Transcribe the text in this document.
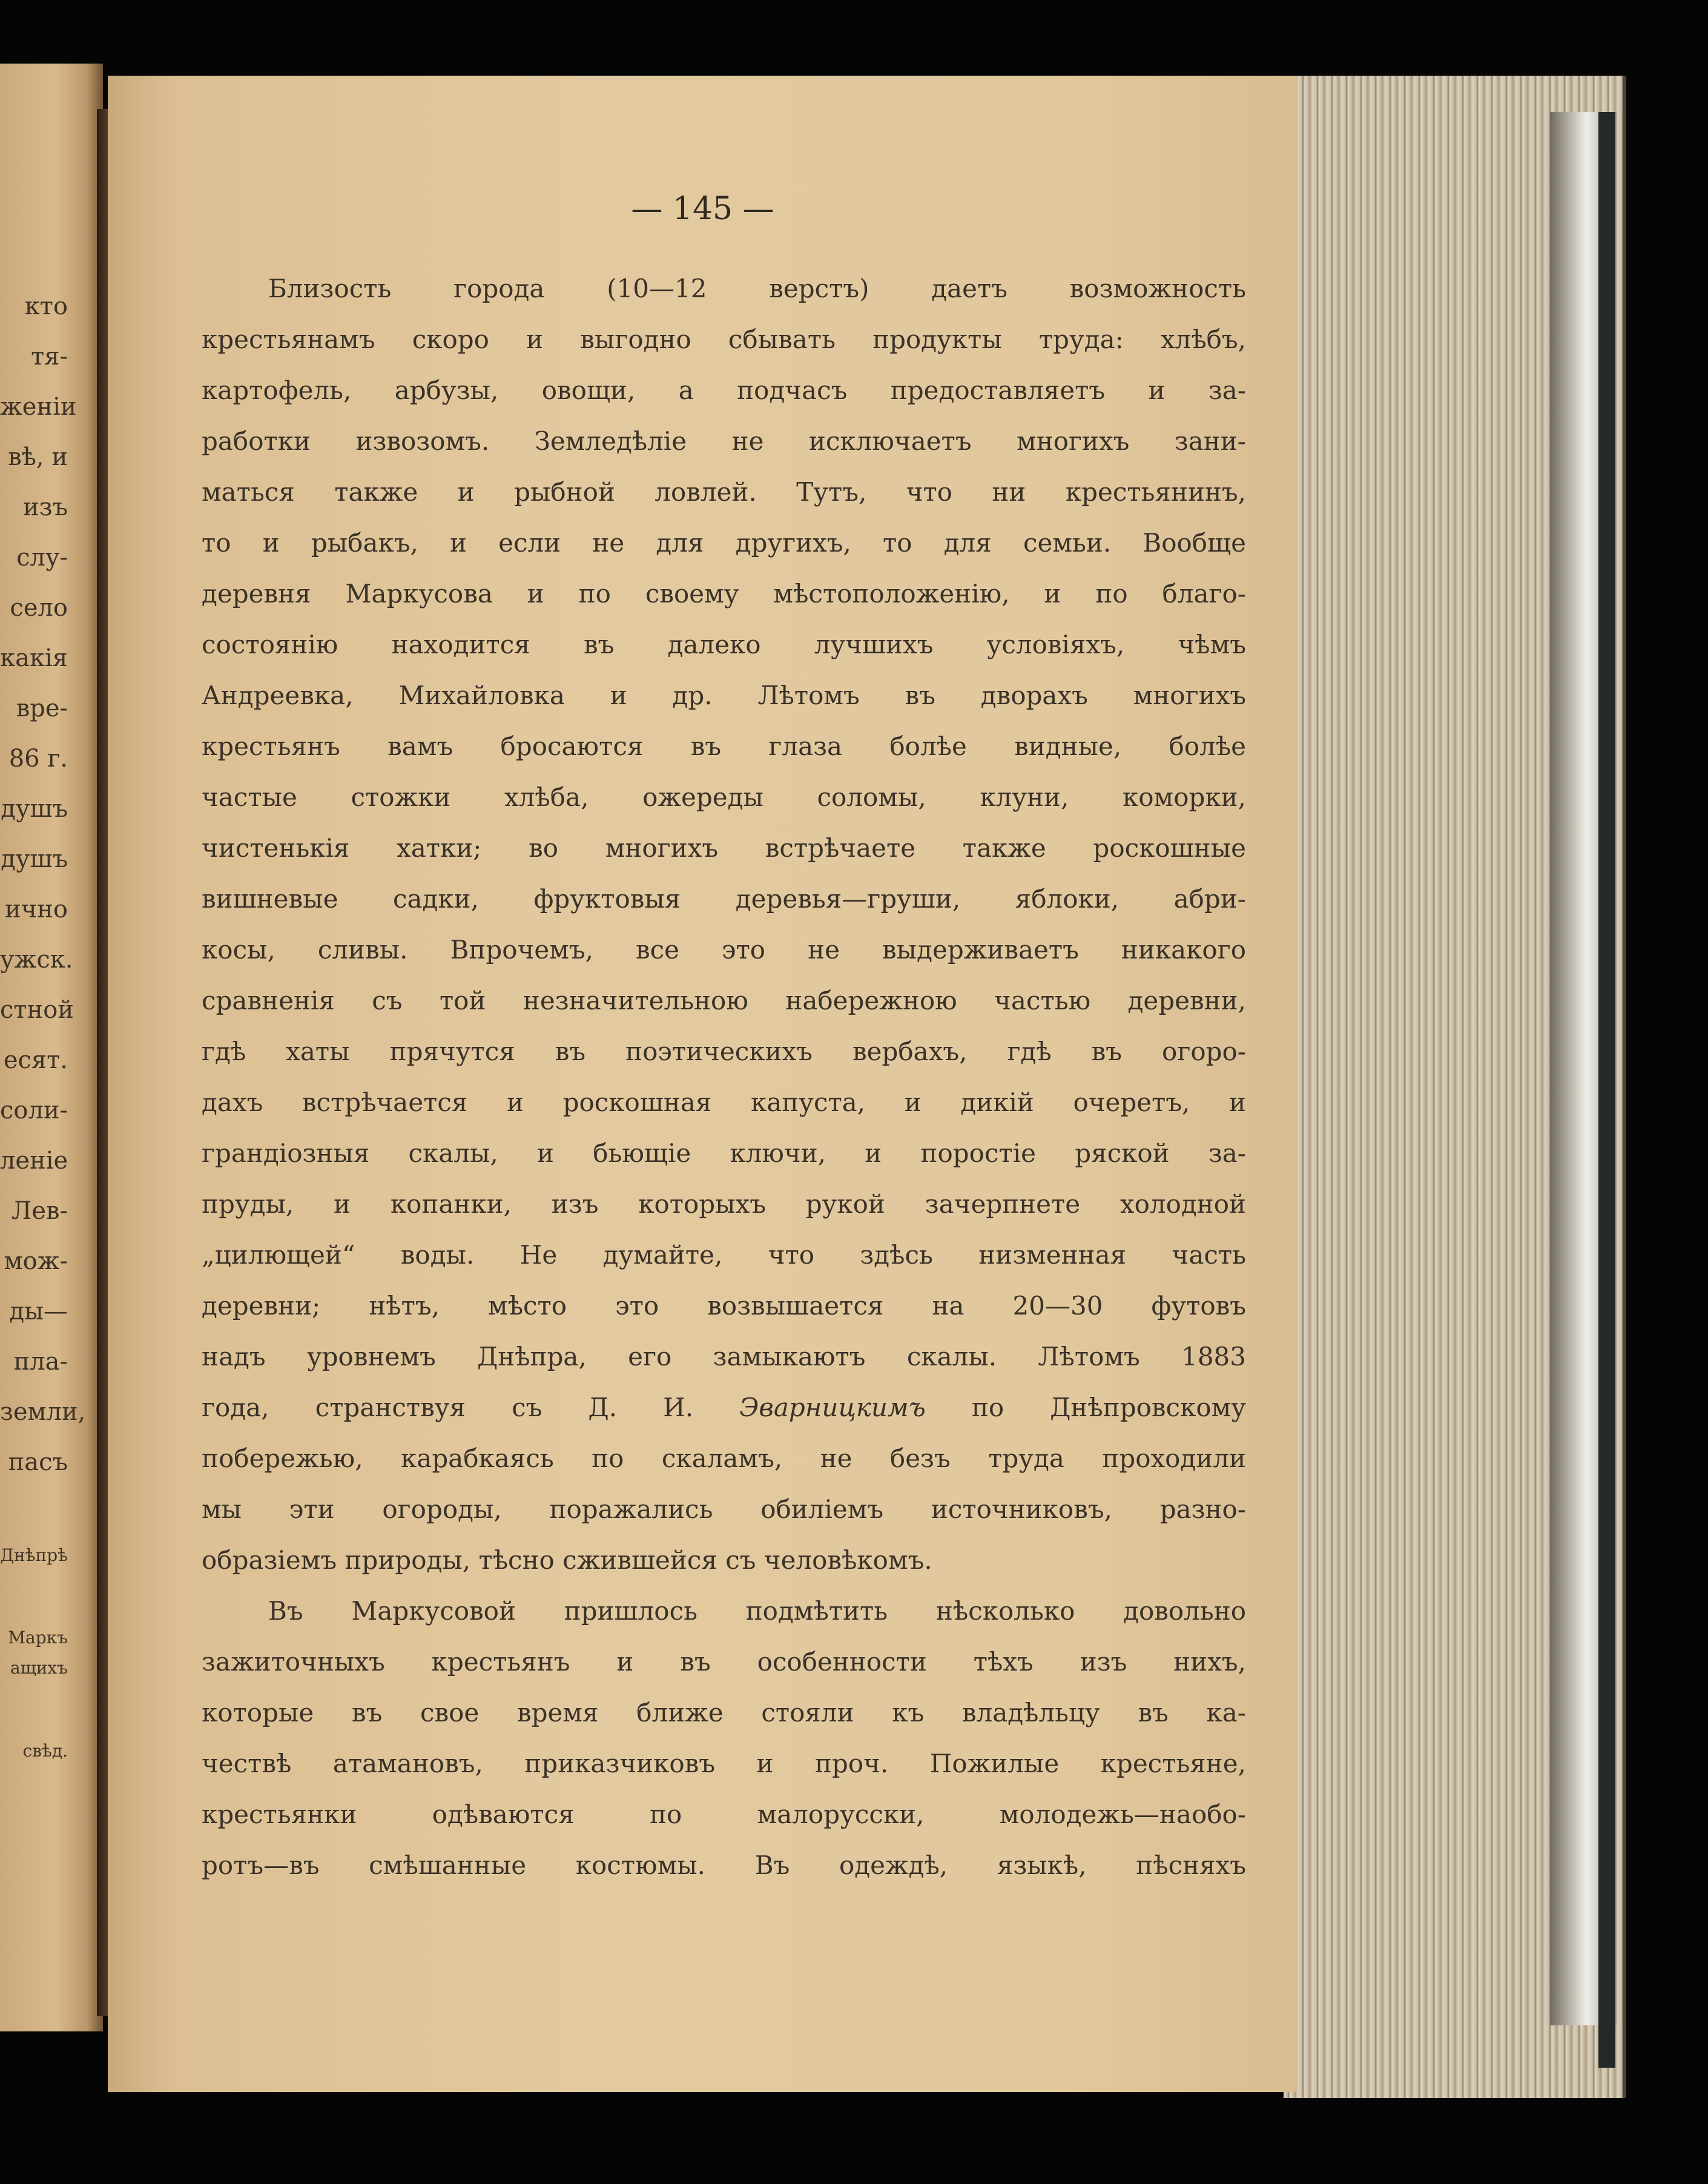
кто
тя-
женіи
вѣ, и
изъ
слу-
село
какія
вре-
86 г.
душъ
душъ
ично
ужск.
стной
есят.
соли-
леніе
Лев-
мож-
ды—
пла-
земли,
пасъ
Днѣпрѣ
Маркъ
ащихъ
свѣд.
— 145 —
Близость города (10—12 верстъ) даетъ возможность
крестьянамъ скоро и выгодно сбывать продукты труда: хлѣбъ,
картофель, арбузы, овощи, а подчасъ предоставляетъ и за-
работки извозомъ. Земледѣліе не исключаетъ многихъ зани-
маться также и рыбной ловлей. Тутъ, что ни крестьянинъ,
то и рыбакъ, и если не для другихъ, то для семьи. Вообще
деревня Маркусова и по своему мѣстоположенію, и по благо-
состоянію находится въ далеко лучшихъ условіяхъ, чѣмъ
Андреевка, Михайловка и др. Лѣтомъ въ дворахъ многихъ
крестьянъ вамъ бросаются въ глаза болѣе видные, болѣе
частые стожки хлѣба, ожереды соломы, клуни, коморки,
чистенькія хатки; во многихъ встрѣчаете также роскошные
вишневые садки, фруктовыя деревья—груши, яблоки, абри-
косы, сливы. Впрочемъ, все это не выдерживаетъ никакого
сравненія съ той незначительною набережною частью деревни,
гдѣ хаты прячутся въ поэтическихъ вербахъ, гдѣ въ огоро-
дахъ встрѣчается и роскошная капуста, и дикій очеретъ, и
грандіозныя скалы, и бьющіе ключи, и поростіе ряской за-
пруды, и копанки, изъ которыхъ рукой зачерпнете холодной
„цилющей“ воды. Не думайте, что здѣсь низменная часть
деревни; нѣтъ, мѣсто это возвышается на 20—30 футовъ
надъ уровнемъ Днѣпра, его замыкаютъ скалы. Лѣтомъ 1883
года, странствуя съ Д. И. Эварницкимъ по Днѣпровскому
побережью, карабкаясь по скаламъ, не безъ труда проходили
мы эти огороды, поражались обиліемъ источниковъ, разно-
образіемъ природы, тѣсно сжившейся съ человѣкомъ.
Въ Маркусовой пришлось подмѣтить нѣсколько довольно
зажиточныхъ крестьянъ и въ особенности тѣхъ изъ нихъ,
которые въ свое время ближе стояли къ владѣльцу въ ка-
чествѣ атамановъ, приказчиковъ и проч. Пожилые крестьяне,
крестьянки одѣваются по малорусски, молодежь—наобо-
ротъ—въ смѣшанные костюмы. Въ одеждѣ, языкѣ, пѣсняхъ
